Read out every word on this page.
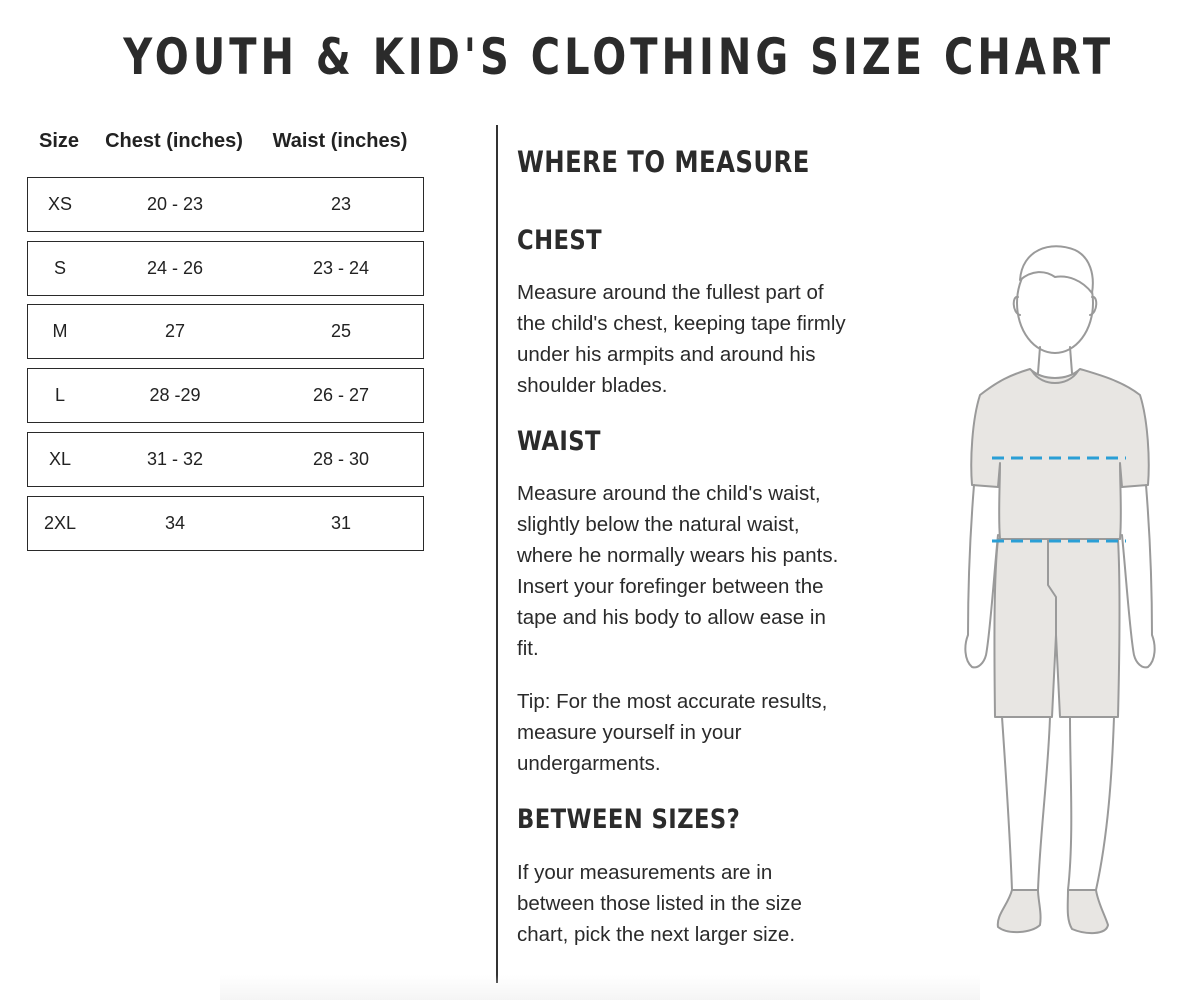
YOUTH & KID'S CLOTHING SIZE CHART
Size Chest (inches) Waist (inches)
XS	20 - 23	23
S	24 - 26	23 - 24
M	27	25
L	28 -29	26 - 27
XL	31 - 32	28 - 30
2XL	34	31
WHERE TO MEASURE
CHEST
Measure around the fullest part of the child's chest, keeping tape firmly under his armpits and around his shoulder blades.
WAIST
Measure around the child's waist, slightly below the natural waist, where he normally wears his pants. Insert your forefinger between the tape and his body to allow ease in fit.
Tip: For the most accurate results, measure yourself in your undergarments.
BETWEEN SIZES?
If your measurements are in between those listed in the size chart, pick the next larger size.
